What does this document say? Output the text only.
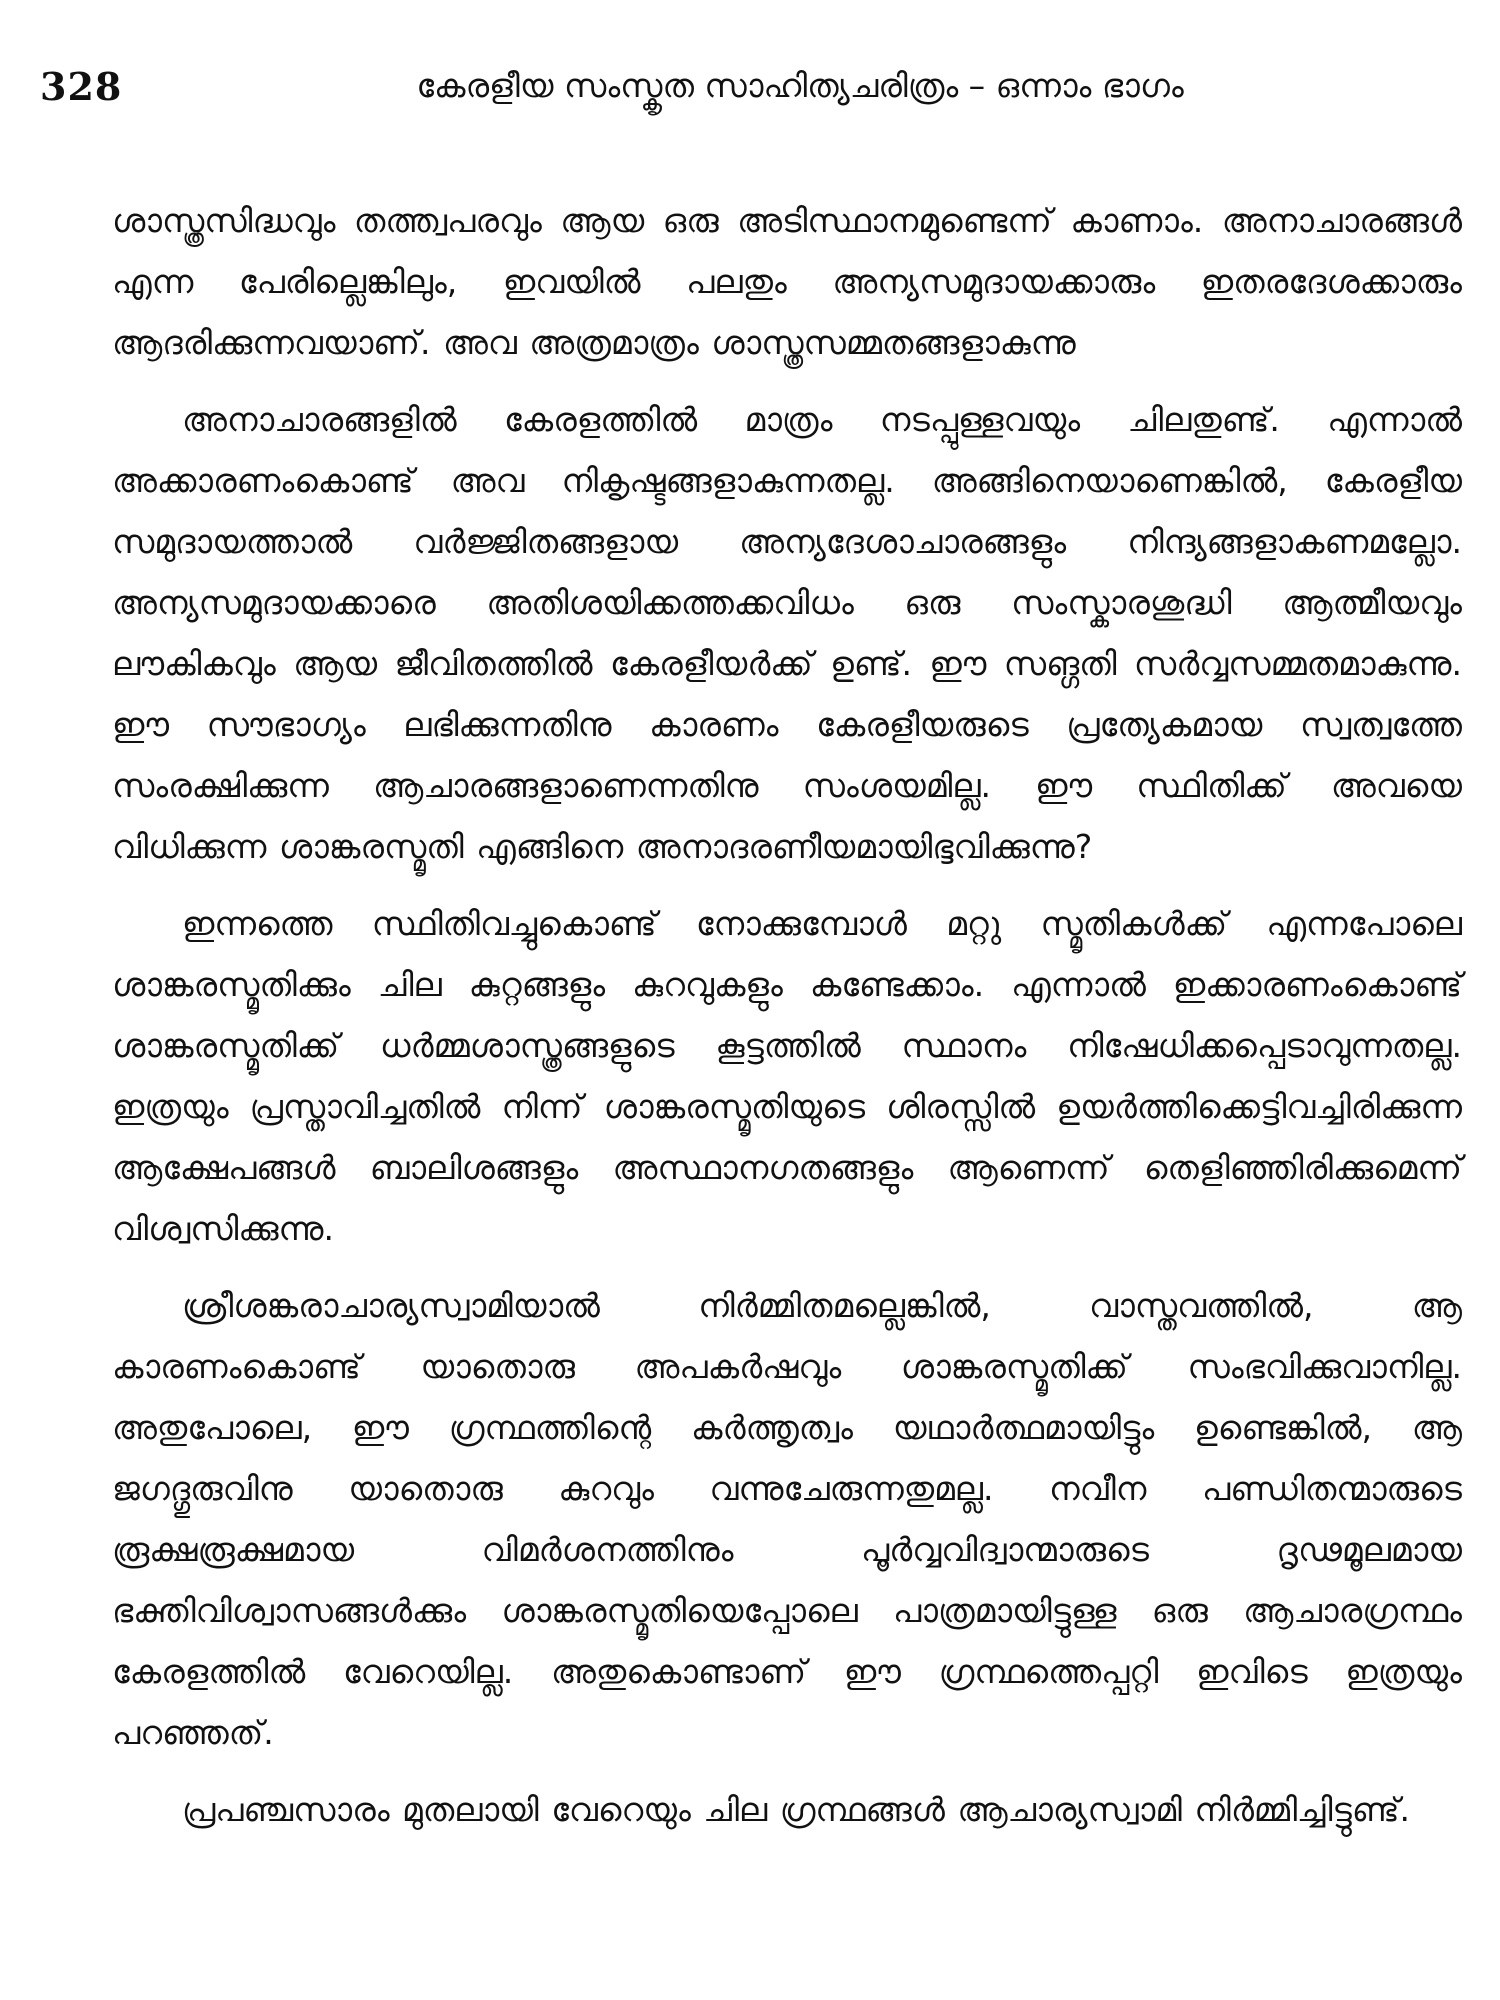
328	കേരളീയ സംസ്കൃത സാഹിത്യചരിത്രം – ഒന്നാം ഭാഗം

ശാസ്ത്രസിദ്ധവും തത്ത്വപരവും ആയ ഒരു അടിസ്ഥാനമുണ്ടെന്ന് കാണാം. അനാചാരങ്ങൾ എന്ന പേരില്ലെങ്കിലും, ഇവയിൽ പലതും അന്യസമുദായക്കാരും ഇതരദേശക്കാരും ആദരിക്കുന്നവയാണ്. അവ അത്രമാത്രം ശാസ്ത്രസമ്മതങ്ങളാകുന്നു

അനാചാരങ്ങളിൽ കേരളത്തിൽ മാത്രം നടപ്പുള്ളവയും ചിലതുണ്ട്. എന്നാൽ അക്കാരണംകൊണ്ട് അവ നികൃഷ്ടങ്ങളാകുന്നതല്ല. അങ്ങിനെയാണെങ്കിൽ, കേരളീയ സമുദായത്താൽ വർജ്ജിതങ്ങളായ അന്യദേശാചാരങ്ങളും നിന്ദ്യങ്ങളാകണമല്ലോ. അന്യസമുദായക്കാരെ അതിശയിക്കത്തക്കവിധം ഒരു സംസ്കാരശുദ്ധി ആത്മീയവും ലൗകികവും ആയ ജീവിതത്തിൽ കേരളീയർക്ക് ഉണ്ട്. ഈ സങ്ഗതി സർവ്വസമ്മതമാകുന്നു. ഈ സൗഭാഗ്യം ലഭിക്കുന്നതിനു കാരണം കേരളീയരുടെ പ്രത്യേകമായ സ്വത്വത്തേ സംരക്ഷിക്കുന്ന ആചാരങ്ങളാണെന്നതിനു സംശയമില്ല. ഈ സ്ഥിതിക്ക് അവയെ വിധിക്കുന്ന ശാങ്കരസ്മൃതി എങ്ങിനെ അനാദരണീയമായിഭ്ഭവിക്കുന്നു?

ഇന്നത്തെ സ്ഥിതിവച്ചുകൊണ്ട് നോക്കുമ്പോൾ മറ്റു സ്മൃതികൾക്ക് എന്നപോലെ ശാങ്കരസ്മൃതിക്കും ചില കുറ്റങ്ങളും കുറവുകളും കണ്ടേക്കാം. എന്നാൽ ഇക്കാരണംകൊണ്ട് ശാങ്കരസ്മൃതിക്ക് ധർമ്മശാസ്ത്രങ്ങളുടെ കൂട്ടത്തിൽ സ്ഥാനം നിഷേധിക്കപ്പെടാവുന്നതല്ല. ഇത്രയും പ്രസ്താവിച്ചതിൽ നിന്ന് ശാങ്കരസ്മൃതിയുടെ ശിരസ്സിൽ ഉയർത്തിക്കെട്ടിവച്ചിരിക്കുന്ന ആക്ഷേപങ്ങൾ ബാലിശങ്ങളും അസ്ഥാനഗതങ്ങളും ആണെന്ന് തെളിഞ്ഞിരിക്കുമെന്ന് വിശ്വസിക്കുന്നു.

ശ്രീശങ്കരാചാര്യസ്വാമിയാൽ നിർമ്മിതമല്ലെങ്കിൽ, വാസ്തവത്തിൽ, ആ കാരണംകൊണ്ട് യാതൊരു അപകർഷവും ശാങ്കരസ്മൃതിക്ക് സംഭവിക്കുവാനില്ല. അതുപോലെ, ഈ ഗ്രന്ഥത്തിന്റെ കർത്തൃത്വം യഥാർത്ഥമായിട്ടും ഉണ്ടെങ്കിൽ, ആ ജഗദ്ഗുരുവിനു യാതൊരു കുറവും വന്നുചേരുന്നതുമല്ല. നവീന പണ്ഡിതന്മാരുടെ രൂക്ഷരൂക്ഷമായ വിമർശനത്തിനും പൂർവ്വവിദ്വാന്മാരുടെ ദൃഢമൂലമായ ഭക്തിവിശ്വാസങ്ങൾക്കും ശാങ്കരസ്മൃതിയെപ്പോലെ പാത്രമായിട്ടുള്ള ഒരു ആചാരഗ്രന്ഥം കേരളത്തിൽ വേറെയില്ല. അതുകൊണ്ടാണ് ഈ ഗ്രന്ഥത്തെപ്പറ്റി ഇവിടെ ഇത്രയും പറഞ്ഞത്.

പ്രപഞ്ചസാരം മുതലായി വേറെയും ചില ഗ്രന്ഥങ്ങൾ ആചാര്യസ്വാമി നിർമ്മിച്ചിട്ടുണ്ട്.
